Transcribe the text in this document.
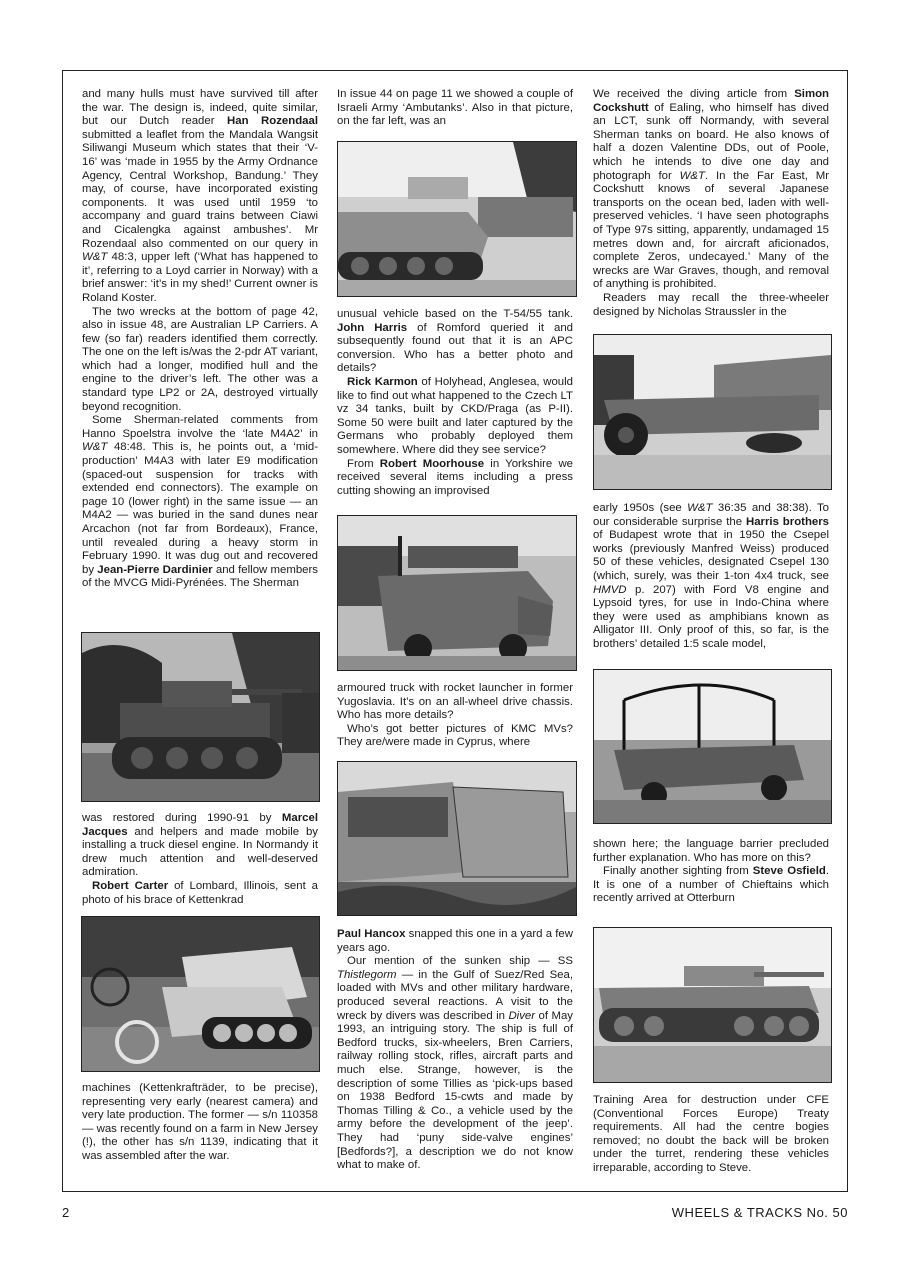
and many hulls must have survived till after the war. The design is, indeed, quite similar, but our Dutch reader Han Rozendaal submitted a leaflet from the Mandala Wangsit Siliwangi Museum which states that their ‘V-16’ was ‘made in 1955 by the Army Ordnance Agency, Central Workshop, Bandung.’ They may, of course, have incorporated existing components. It was used until 1959 ‘to accompany and guard trains between Ciawi and Cicalengka against ambushes’. Mr Rozendaal also commented on our query in W&T 48:3, upper left (‘What has happened to it’, referring to a Loyd carrier in Norway) with a brief answer: ‘it’s in my shed!’ Current owner is Roland Koster.

The two wrecks at the bottom of page 42, also in issue 48, are Australian LP Carriers. A few (so far) readers identified them correctly. The one on the left is/was the 2-pdr AT variant, which had a longer, modified hull and the engine to the driver’s left. The other was a standard type LP2 or 2A, destroyed virtually beyond recognition.

Some Sherman-related comments from Hanno Spoelstra involve the ‘late M4A2’ in W&T 48:48. This is, he points out, a ‘mid-production’ M4A3 with later E9 modification (spaced-out suspension for tracks with extended end connectors). The example on page 10 (lower right) in the same issue — an M4A2 — was buried in the sand dunes near Arcachon (not far from Bordeaux), France, until revealed during a heavy storm in February 1990. It was dug out and recovered by Jean-Pierre Dardinier and fellow members of the MVCG Midi-Pyrénées. The Sherman

was restored during 1990-91 by Marcel Jacques and helpers and made mobile by installing a truck diesel engine. In Normandy it drew much attention and well-deserved admiration.

Robert Carter of Lombard, Illinois, sent a photo of his brace of Kettenkrad

machines (Kettenkrafträder, to be precise), representing very early (nearest camera) and very late production. The former — s/n 110358 — was recently found on a farm in New Jersey (!), the other has s/n 1139, indicating that it was assembled after the war.

In issue 44 on page 11 we showed a couple of Israeli Army ‘Ambutanks’. Also in that picture, on the far left, was an

unusual vehicle based on the T-54/55 tank. John Harris of Romford queried it and subsequently found out that it is an APC conversion. Who has a better photo and details?

Rick Karmon of Holyhead, Anglesea, would like to find out what happened to the Czech LT vz 34 tanks, built by CKD/Praga (as P-II). Some 50 were built and later captured by the Germans who probably deployed them somewhere. Where did they see service?

From Robert Moorhouse in Yorkshire we received several items including a press cutting showing an improvised

armoured truck with rocket launcher in former Yugoslavia. It’s on an all-wheel drive chassis. Who has more details?

Who’s got better pictures of KMC MVs? They are/were made in Cyprus, where

Paul Hancox snapped this one in a yard a few years ago.

Our mention of the sunken ship — SS Thistlegorm — in the Gulf of Suez/Red Sea, loaded with MVs and other military hardware, produced several reactions. A visit to the wreck by divers was described in Diver of May 1993, an intriguing story. The ship is full of Bedford trucks, six-wheelers, Bren Carriers, railway rolling stock, rifles, aircraft parts and much else. Strange, however, is the description of some Tillies as ‘pick-ups based on 1938 Bedford 15-cwts and made by Thomas Tilling & Co., a vehicle used by the army before the development of the jeep’. They had ‘puny side-valve engines’ [Bedfords?], a description we do not know what to make of.

We received the diving article from Simon Cockshutt of Ealing, who himself has dived an LCT, sunk off Normandy, with several Sherman tanks on board. He also knows of half a dozen Valentine DDs, out of Poole, which he intends to dive one day and photograph for W&T. In the Far East, Mr Cockshutt knows of several Japanese transports on the ocean bed, laden with well-preserved vehicles. ‘I have seen photographs of Type 97s sitting, apparently, undamaged 15 metres down and, for aircraft aficionados, complete Zeros, undecayed.’ Many of the wrecks are War Graves, though, and removal of anything is prohibited.

Readers may recall the three-wheeler designed by Nicholas Straussler in the

early 1950s (see W&T 36:35 and 38:38). To our considerable surprise the Harris brothers of Budapest wrote that in 1950 the Csepel works (previously Manfred Weiss) produced 50 of these vehicles, designated Csepel 130 (which, surely, was their 1-ton 4x4 truck, see HMVD p. 207) with Ford V8 engine and Lypsoid tyres, for use in Indo-China where they were used as amphibians known as Alligator III. Only proof of this, so far, is the brothers’ detailed 1:5 scale model,

shown here; the language barrier precluded further explanation. Who has more on this?

Finally another sighting from Steve Osfield. It is one of a number of Chieftains which recently arrived at Otterburn

Training Area for destruction under CFE (Conventional Forces Europe) Treaty requirements. All had the centre bogies removed; no doubt the back will be broken under the turret, rendering these vehicles irreparable, according to Steve.

2	WHEELS & TRACKS No. 50
